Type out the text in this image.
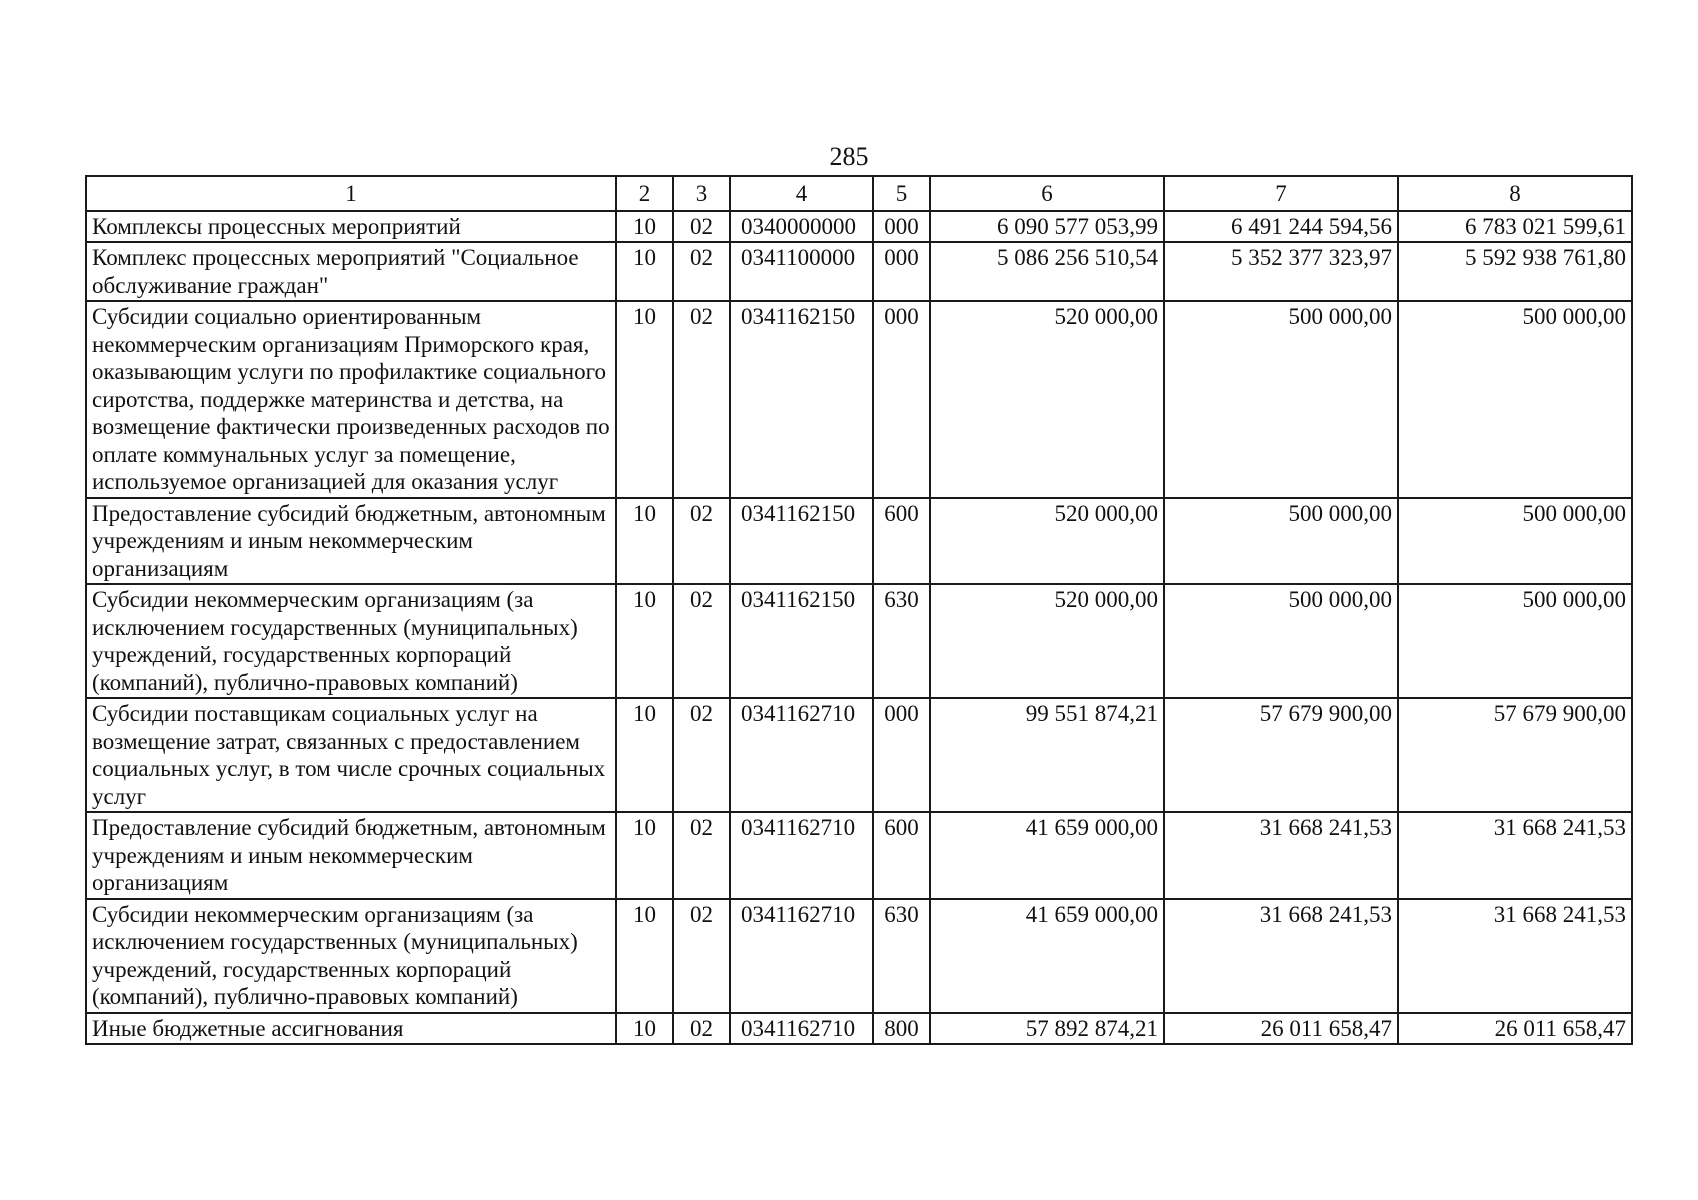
285
1	2	3	4	5	6	7	8
Комплексы процессных мероприятий	10	02	0340000000	000	6 090 577 053,99	6 491 244 594,56	6 783 021 599,61
Комплекс процессных мероприятий "Социальное обслуживание граждан"	10	02	0341100000	000	5 086 256 510,54	5 352 377 323,97	5 592 938 761,80
Субсидии социально ориентированным некоммерческим организациям Приморского края, оказывающим услуги по профилактике социального сиротства, поддержке материнства и детства, на возмещение фактически произведенных расходов по оплате коммунальных услуг за помещение, используемое организацией для оказания услуг	10	02	0341162150	000	520 000,00	500 000,00	500 000,00
Предоставление субсидий бюджетным, автономным учреждениям и иным некоммерческим организациям	10	02	0341162150	600	520 000,00	500 000,00	500 000,00
Субсидии некоммерческим организациям (за исключением государственных (муниципальных) учреждений, государственных корпораций (компаний), публично-правовых компаний)	10	02	0341162150	630	520 000,00	500 000,00	500 000,00
Субсидии поставщикам социальных услуг на возмещение затрат, связанных с предоставлением социальных услуг, в том числе срочных социальных услуг	10	02	0341162710	000	99 551 874,21	57 679 900,00	57 679 900,00
Предоставление субсидий бюджетным, автономным учреждениям и иным некоммерческим организациям	10	02	0341162710	600	41 659 000,00	31 668 241,53	31 668 241,53
Субсидии некоммерческим организациям (за исключением государственных (муниципальных) учреждений, государственных корпораций (компаний), публично-правовых компаний)	10	02	0341162710	630	41 659 000,00	31 668 241,53	31 668 241,53
Иные бюджетные ассигнования	10	02	0341162710	800	57 892 874,21	26 011 658,47	26 011 658,47
